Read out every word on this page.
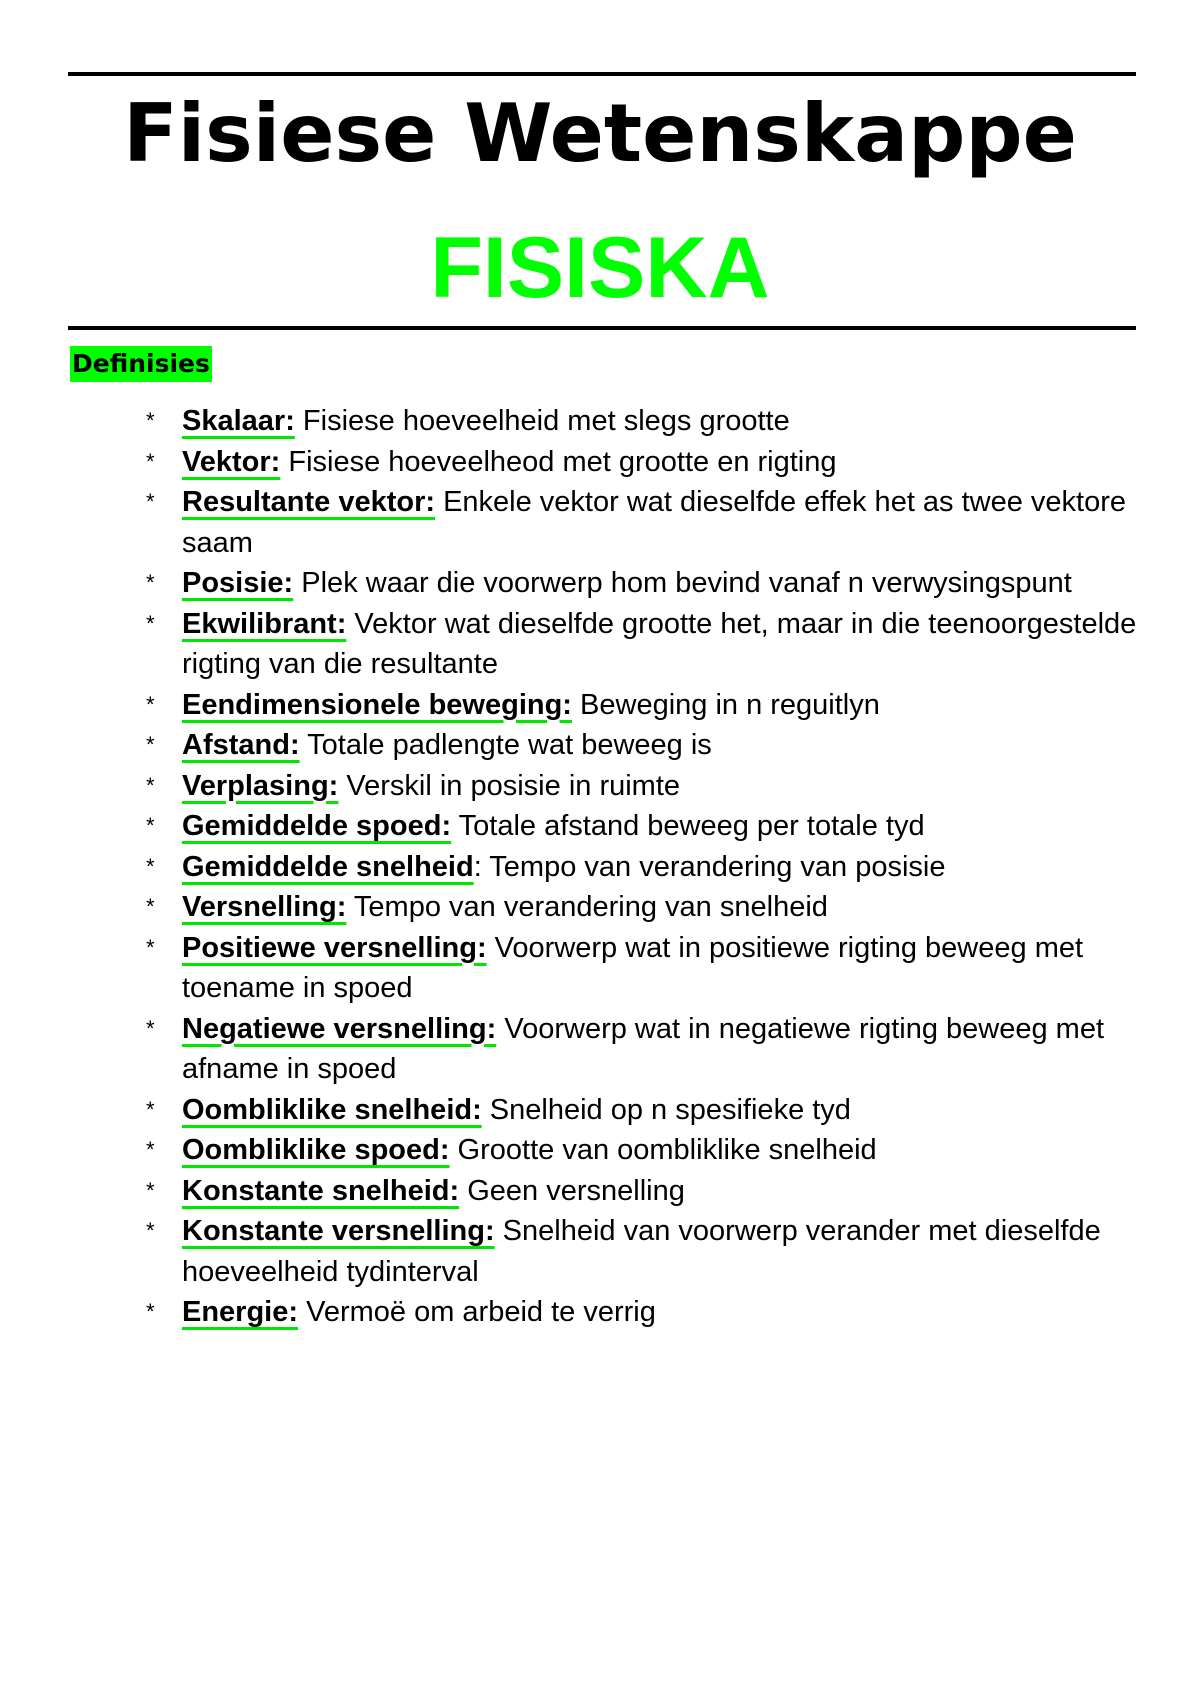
Fisiese Wetenskappe
FISISKA
Definisies
* Skalaar: Fisiese hoeveelheid met slegs grootte
* Vektor: Fisiese hoeveelheod met grootte en rigting
* Resultante vektor: Enkele vektor wat dieselfde effek het as twee vektore saam
* Posisie: Plek waar die voorwerp hom bevind vanaf n verwysingspunt
* Ekwilibrant: Vektor wat dieselfde grootte het, maar in die teenoorgestelde rigting van die resultante
* Eendimensionele beweging: Beweging in n reguitlyn
* Afstand: Totale padlengte wat beweeg is
* Verplasing: Verskil in posisie in ruimte
* Gemiddelde spoed: Totale afstand beweeg per totale tyd
* Gemiddelde snelheid: Tempo van verandering van posisie
* Versnelling: Tempo van verandering van snelheid
* Positiewe versnelling: Voorwerp wat in positiewe rigting beweeg met toename in spoed
* Negatiewe versnelling: Voorwerp wat in negatiewe rigting beweeg met afname in spoed
* Oombliklike snelheid: Snelheid op n spesifieke tyd
* Oombliklike spoed: Grootte van oombliklike snelheid
* Konstante snelheid: Geen versnelling
* Konstante versnelling: Snelheid van voorwerp verander met dieselfde hoeveelheid tydinterval
* Energie: Vermoë om arbeid te verrig
